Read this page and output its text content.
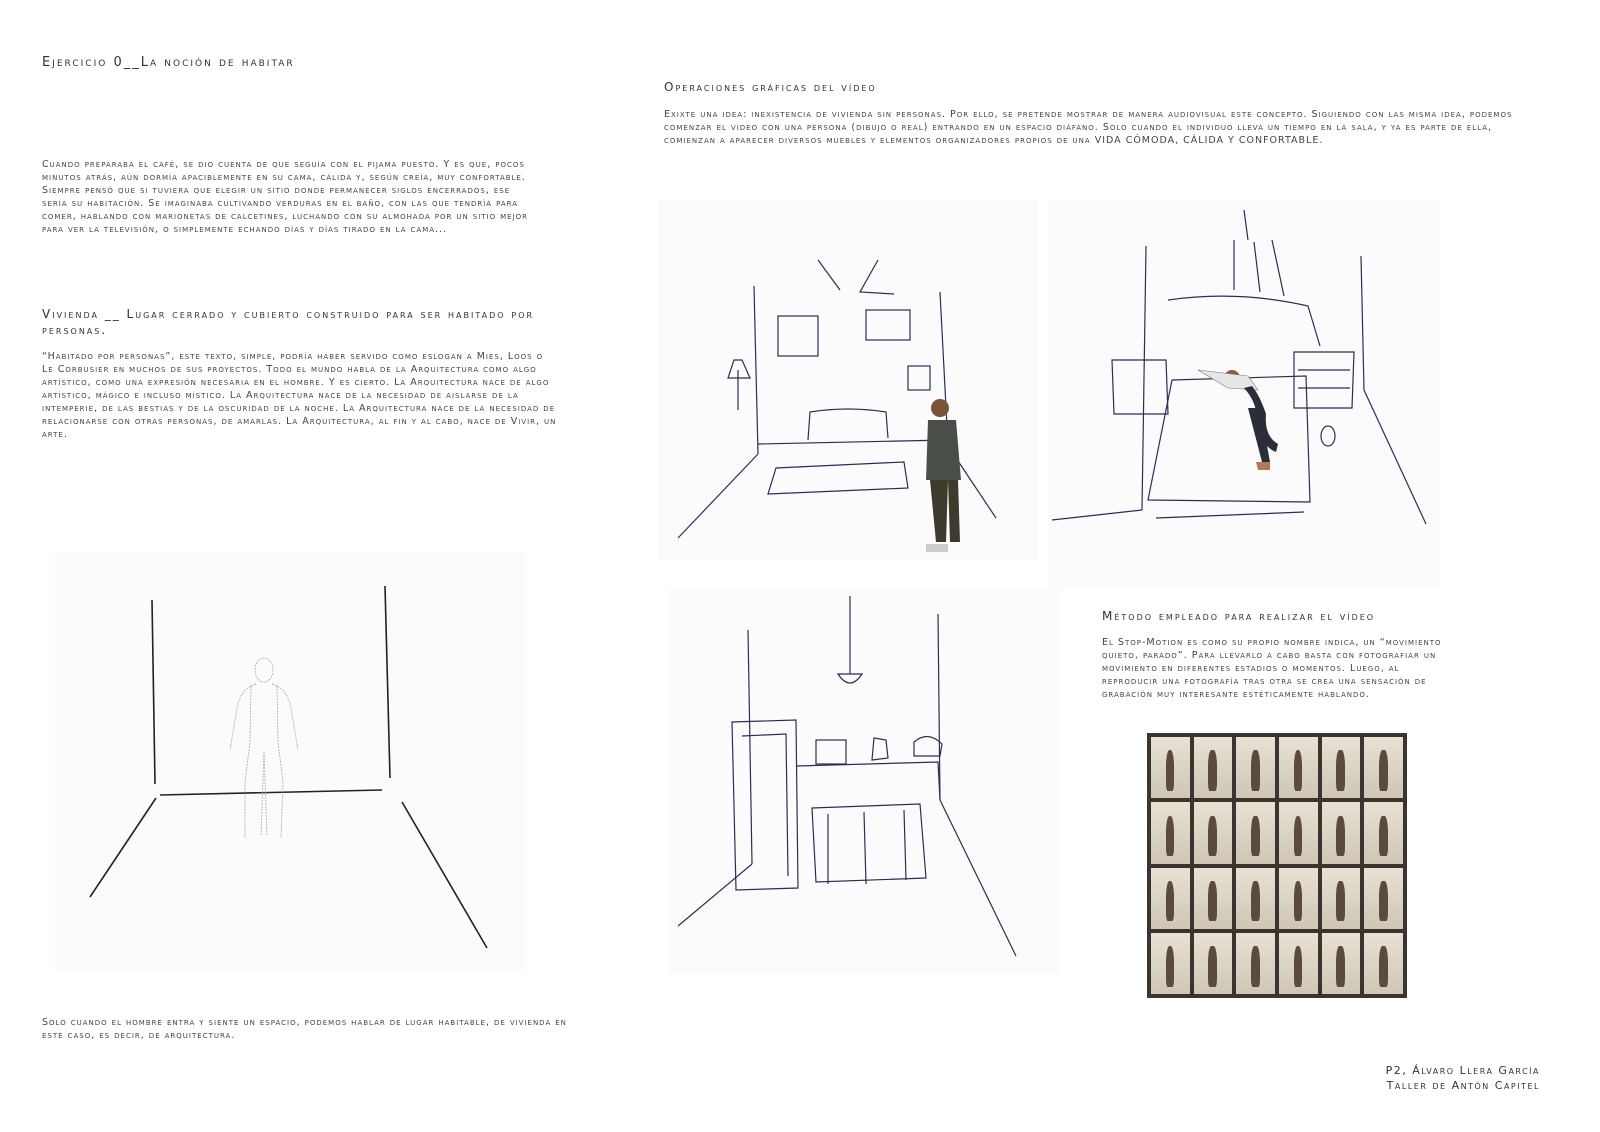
Ejercicio 0__La noción de habitar
Cuando preparaba el café, se dio cuenta de que seguía con el pijama puesto. Y es que, pocos minutos atrás, aún dormía apaciblemente en su cama, cálida y, según creía, muy confortable. Siempre pensó que si tuviera que elegir un sitio donde permanecer siglos encerrados, ese sería su habitación. Se imaginaba cultivando verduras en el baño, con las que tendría para comer, hablando con marionetas de calcetines, luchando con su almohada por un sitio mejor para ver la televisión, o simplemente echando días y días tirado en la cama...
Vivienda __ Lugar cerrado y cubierto construido para ser habitado por personas.
“Habitado por personas”, este texto, simple, podría haber servido como eslogan a Mies, Loos o Le Corbusier en muchos de sus proyectos. Todo el mundo habla de la Arquitectura como algo artístico, como una expresión necesaria en el hombre. Y es cierto. La Arquitectura nace de algo artístico, mágico e incluso místico. La Arquitectura nace de la necesidad de aislarse de la intemperie, de las bestias y de la oscuridad de la noche. La Arquitectura nace de la necesidad de relacionarse con otras personas, de amarlas. La Arquitectura, al fin y al cabo, nace de Vivir, un arte.
Solo cuando el hombre entra y siente un espacio, podemos hablar de lugar habitable, de vivienda en este caso, es decir, de arquitectura.
Operaciones gráficas del vídeo
Exixte una idea: inexistencia de vivienda sin personas. Por ello, se pretende mostrar de manera audiovisual este concepto. Siguiendo con las misma idea, podemos comenzar el vídeo con una persona (dibujo o real) entrando en un espacio diáfano. Solo cuando el individuo lleva un tiempo en la sala, y ya es parte de ella, comienzan a aparecer diversos muebles y elementos organizadores propios de una VIDA CÓMODA, CÁLIDA Y CONFORTABLE.
Método empleado para realizar el vídeo
El Stop-Motion es como su propio nombre indica, un “movimiento quieto, parado”. Para llevarlo a cabo basta con fotografiar un movimiento en diferentes estadios o momentos. Luego, al reproducir una fotografía tras otra se crea una sensación de grabación muy interesante estéticamente hablando.
P2, Álvaro Llera García
Taller de Antón Capitel
